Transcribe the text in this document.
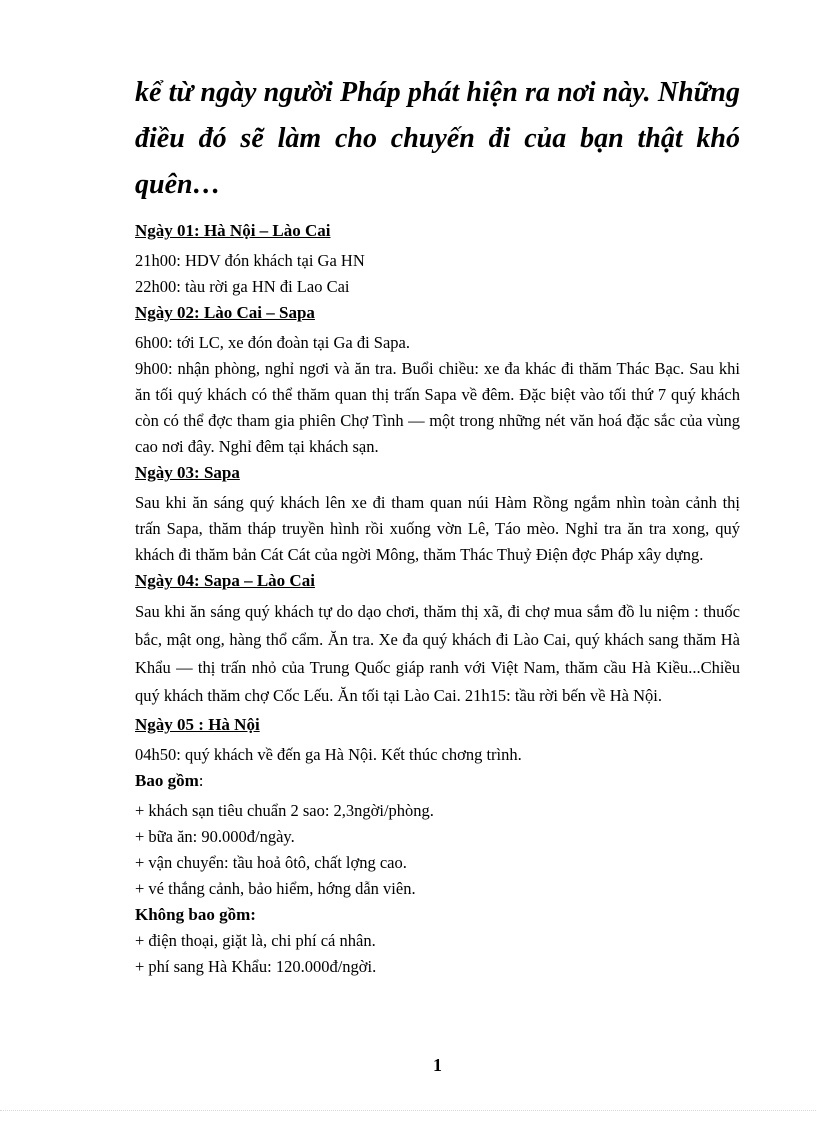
kể từ ngày người Pháp phát hiện ra nơi này. Những
điều đó sẽ làm cho chuyến đi của bạn thật khó
quên…
Ngày 01: Hà Nội – Lào Cai

21h00: HDV đón khách tại Ga HN

22h00: tàu rời ga HN đi Lao Cai

Ngày 02: Lào Cai – Sapa

6h00: tới LC, xe đón đoàn tại Ga đi Sapa.

9h00: nhận phòng, nghỉ ngơi và ăn tra. Buổi chiều: xe đa khác đi thăm Thác Bạc. Sau khi ăn tối quý khách có thể thăm quan thị trấn Sapa về đêm. Đặc biệt vào tối thứ 7 quý khách còn có thể đợc tham gia phiên Chợ Tình — một trong những nét văn hoá đặc sắc của vùng cao nơi đây. Nghỉ đêm tại khách sạn.

Ngày 03: Sapa

Sau khi ăn sáng quý khách lên xe đi tham quan núi Hàm Rồng ngắm nhìn toàn cảnh thị trấn Sapa, thăm tháp truyền hình rồi xuống vờn Lê, Táo mèo. Nghỉ tra ăn tra xong, quý khách đi thăm bản Cát Cát của ngời Mông, thăm Thác Thuỷ Điện đợc Pháp xây dựng.

Ngày 04: Sapa – Lào Cai

Sau khi ăn sáng quý khách tự do dạo chơi, thăm thị xã, đi chợ mua sắm đồ lu niệm : thuốc bắc, mật ong, hàng thổ cẩm. Ăn tra. Xe đa quý khách đi Lào Cai, quý khách sang thăm Hà Khẩu — thị trấn nhỏ của Trung Quốc giáp ranh với Việt Nam, thăm cầu Hà Kiều...Chiều quý khách thăm chợ Cốc Lếu. Ăn tối tại Lào Cai. 21h15: tầu rời bến về Hà Nội.

Ngày 05 : Hà Nội

04h50: quý khách về đến ga Hà Nội. Kết thúc chơng trình.

Bao gồm:

+ khách sạn tiêu chuẩn 2 sao: 2,3ngời/phòng.

+ bữa ăn: 90.000đ/ngày.

+ vận chuyển: tầu hoả ôtô, chất lợng cao.

+ vé thắng cảnh, bảo hiểm, hớng dẫn viên.

Không bao gồm:

+ điện thoại, giặt là, chi phí cá nhân.

+ phí sang Hà Khẩu: 120.000đ/ngời.

1
